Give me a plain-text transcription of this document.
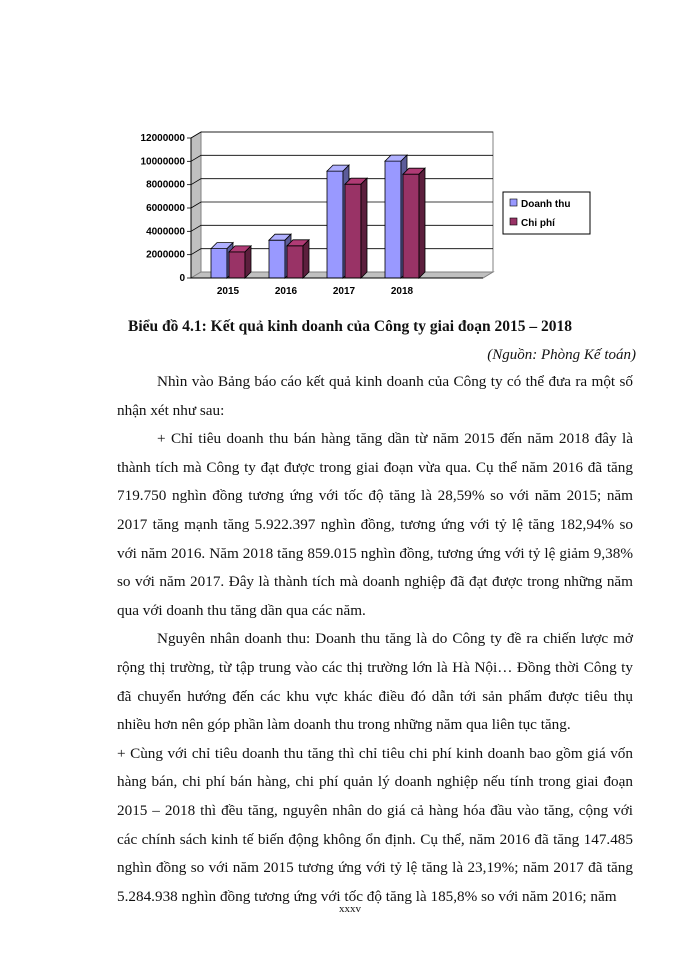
12000000
10000000
8000000
6000000
4000000
2000000
0
2015	2016	2017	2018
Doanh thu
Chi phí
Biểu đồ 4.1: Kết quả kinh doanh của Công ty giai đoạn 2015 – 2018
(Nguồn: Phòng Kế toán)

Nhìn vào Bảng báo cáo kết quả kinh doanh của Công ty có thể đưa ra một số nhận xét như sau:

+ Chỉ tiêu doanh thu bán hàng tăng dần từ năm 2015 đến năm 2018 đây là thành tích mà Công ty đạt được trong giai đoạn vừa qua. Cụ thể năm 2016 đã tăng 719.750 nghìn đồng tương ứng với tốc độ tăng là 28,59% so với năm 2015; năm 2017 tăng mạnh tăng 5.922.397 nghìn đồng, tương ứng với tỷ lệ tăng 182,94% so với năm 2016. Năm 2018 tăng 859.015 nghìn đồng, tương ứng với tỷ lệ giảm 9,38% so với năm 2017. Đây là thành tích mà doanh nghiệp đã đạt được trong những năm qua với doanh thu tăng dần qua các năm.

Nguyên nhân doanh thu: Doanh thu tăng là do Công ty đề ra chiến lược mở rộng thị trường, từ tập trung vào các thị trường lớn là Hà Nội… Đồng thời Công ty đã chuyển hướng đến các khu vực khác điều đó dẫn tới sản phẩm được tiêu thụ nhiều hơn nên góp phần làm doanh thu trong những năm qua liên tục tăng.

+ Cùng với chỉ tiêu doanh thu tăng thì chỉ tiêu chi phí kinh doanh bao gồm giá vốn hàng bán, chi phí bán hàng, chi phí quản lý doanh nghiệp nếu tính trong giai đoạn 2015 – 2018 thì đều tăng, nguyên nhân do giá cả hàng hóa đầu vào tăng, cộng với các chính sách kinh tế biến động không ổn định. Cụ thể, năm 2016 đã tăng 147.485 nghìn đồng so với năm 2015 tương ứng với tỷ lệ tăng là 23,19%; năm 2017 đã tăng 5.284.938 nghìn đồng tương ứng với tốc độ tăng là 185,8% so với năm 2016; năm

xxxv
